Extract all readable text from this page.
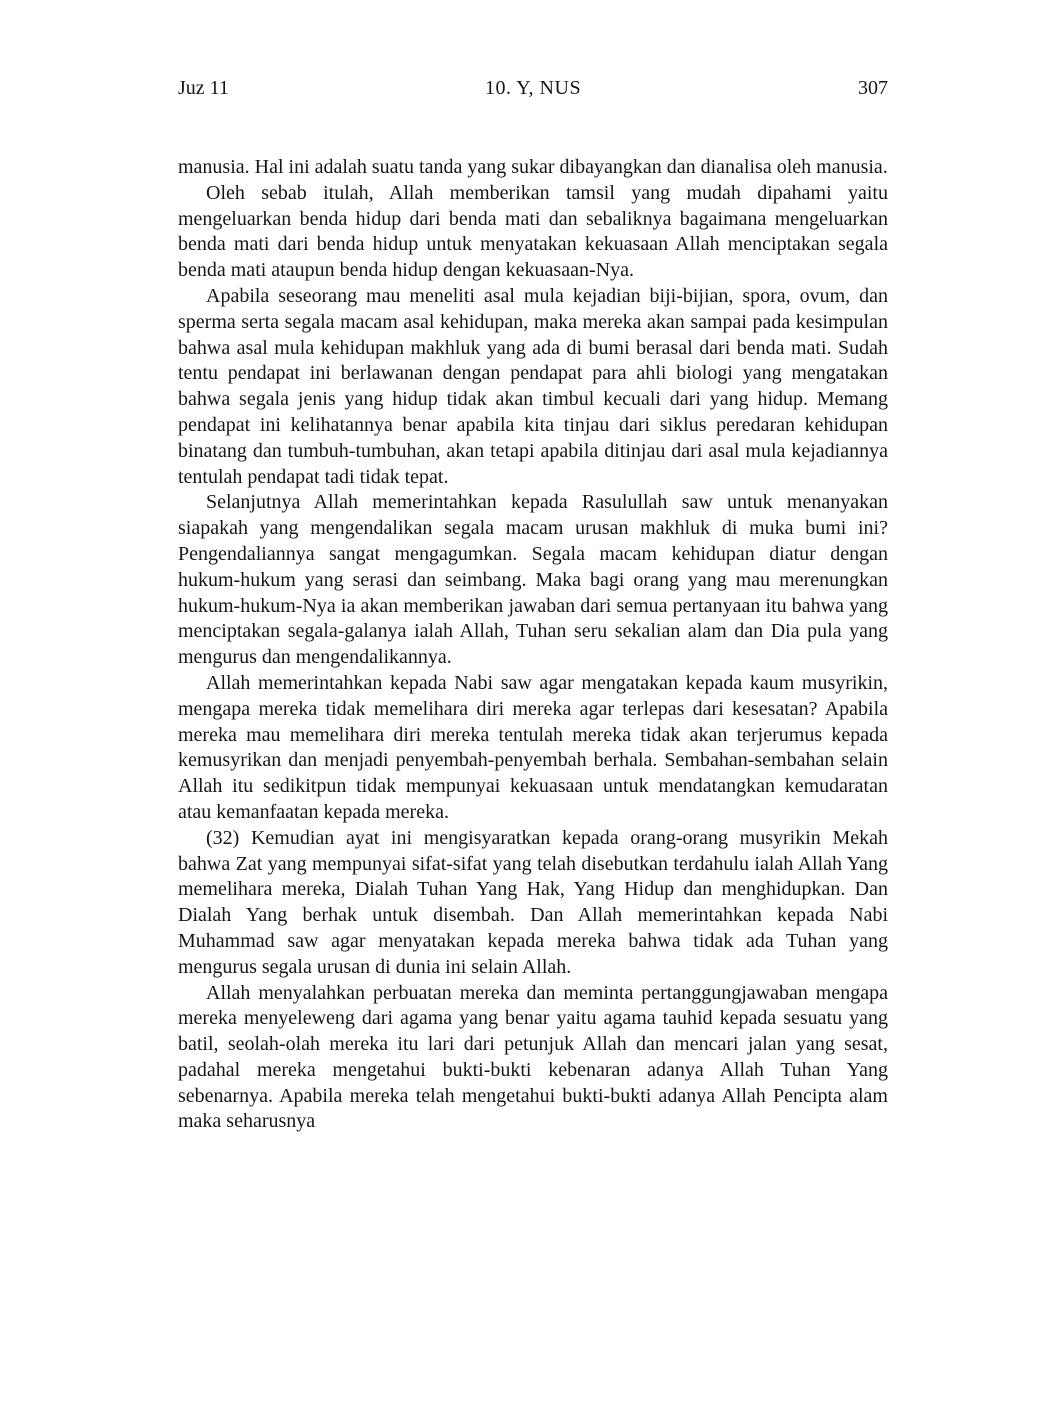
Juz 11	10. Y, NUS	307

manusia. Hal ini adalah suatu tanda yang sukar dibayangkan dan dianalisa oleh manusia.

Oleh sebab itulah, Allah memberikan tamsil yang mudah dipahami yaitu mengeluarkan benda hidup dari benda mati dan sebaliknya bagaimana mengeluarkan benda mati dari benda hidup untuk menyatakan kekuasaan Allah menciptakan segala benda mati ataupun benda hidup dengan kekuasaan-Nya.

Apabila seseorang mau meneliti asal mula kejadian biji-bijian, spora, ovum, dan sperma serta segala macam asal kehidupan, maka mereka akan sampai pada kesimpulan bahwa asal mula kehidupan makhluk yang ada di bumi berasal dari benda mati. Sudah tentu pendapat ini berlawanan dengan pendapat para ahli biologi yang mengatakan bahwa segala jenis yang hidup tidak akan timbul kecuali dari yang hidup. Memang pendapat ini kelihatannya benar apabila kita tinjau dari siklus peredaran kehidupan binatang dan tumbuh-tumbuhan, akan tetapi apabila ditinjau dari asal mula kejadiannya tentulah pendapat tadi tidak tepat.

Selanjutnya Allah memerintahkan kepada Rasulullah saw untuk menanyakan siapakah yang mengendalikan segala macam urusan makhluk di muka bumi ini? Pengendaliannya sangat mengagumkan. Segala macam kehidupan diatur dengan hukum-hukum yang serasi dan seimbang. Maka bagi orang yang mau merenungkan hukum-hukum-Nya ia akan memberikan jawaban dari semua pertanyaan itu bahwa yang menciptakan segala-galanya ialah Allah, Tuhan seru sekalian alam dan Dia pula yang mengurus dan mengendalikannya.

Allah memerintahkan kepada Nabi saw agar mengatakan kepada kaum musyrikin, mengapa mereka tidak memelihara diri mereka agar terlepas dari kesesatan? Apabila mereka mau memelihara diri mereka tentulah mereka tidak akan terjerumus kepada kemusyrikan dan menjadi penyembah-penyembah berhala. Sembahan-sembahan selain Allah itu sedikitpun tidak mempunyai kekuasaan untuk mendatangkan kemudaratan atau kemanfaatan kepada mereka.

(32) Kemudian ayat ini mengisyaratkan kepada orang-orang musyrikin Mekah bahwa Zat yang mempunyai sifat-sifat yang telah disebutkan terdahulu ialah Allah Yang memelihara mereka, Dialah Tuhan Yang Hak, Yang Hidup dan menghidupkan. Dan Dialah Yang berhak untuk disembah. Dan Allah memerintahkan kepada Nabi Muhammad saw agar menyatakan kepada mereka bahwa tidak ada Tuhan yang mengurus segala urusan di dunia ini selain Allah.

Allah menyalahkan perbuatan mereka dan meminta pertanggungjawaban mengapa mereka menyeleweng dari agama yang benar yaitu agama tauhid kepada sesuatu yang batil, seolah-olah mereka itu lari dari petunjuk Allah dan mencari jalan yang sesat, padahal mereka mengetahui bukti-bukti kebenaran adanya Allah Tuhan Yang sebenarnya. Apabila mereka telah mengetahui bukti-bukti adanya Allah Pencipta alam maka seharusnya
